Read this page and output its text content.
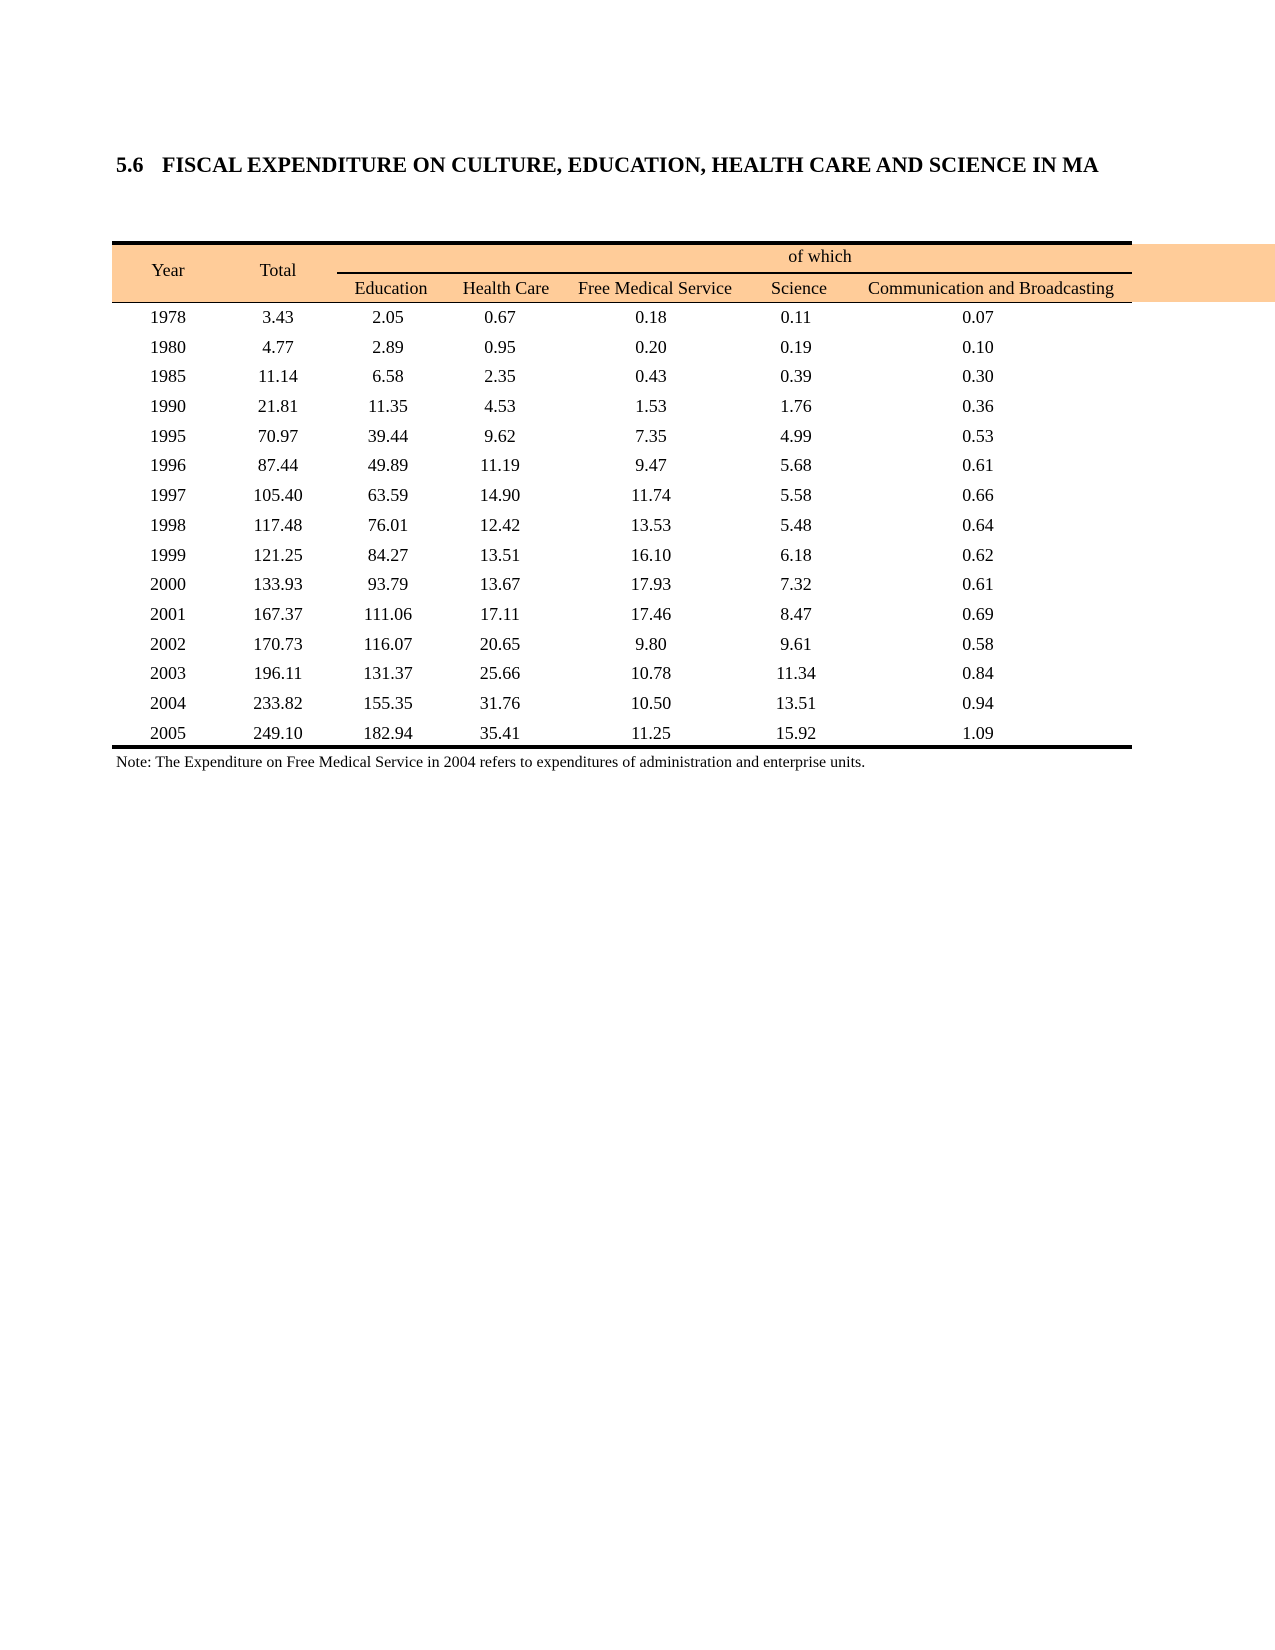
5.6 FISCAL EXPENDITURE ON CULTURE, EDUCATION, HEALTH CARE AND SCIENCE IN MA
Year	Total
of which
Education	Health Care	Free Medical Service	Science	Communication and Broadcasting
1978	3.43	2.05	0.67	0.18	0.11	0.07
1980	4.77	2.89	0.95	0.20	0.19	0.10
1985	11.14	6.58	2.35	0.43	0.39	0.30
1990	21.81	11.35	4.53	1.53	1.76	0.36
1995	70.97	39.44	9.62	7.35	4.99	0.53
1996	87.44	49.89	11.19	9.47	5.68	0.61
1997	105.40	63.59	14.90	11.74	5.58	0.66
1998	117.48	76.01	12.42	13.53	5.48	0.64
1999	121.25	84.27	13.51	16.10	6.18	0.62
2000	133.93	93.79	13.67	17.93	7.32	0.61
2001	167.37	111.06	17.11	17.46	8.47	0.69
2002	170.73	116.07	20.65	9.80	9.61	0.58
2003	196.11	131.37	25.66	10.78	11.34	0.84
2004	233.82	155.35	31.76	10.50	13.51	0.94
2005	249.10	182.94	35.41	11.25	15.92	1.09
Note: The Expenditure on Free Medical Service in 2004 refers to expenditures of administration and enterprise units.
